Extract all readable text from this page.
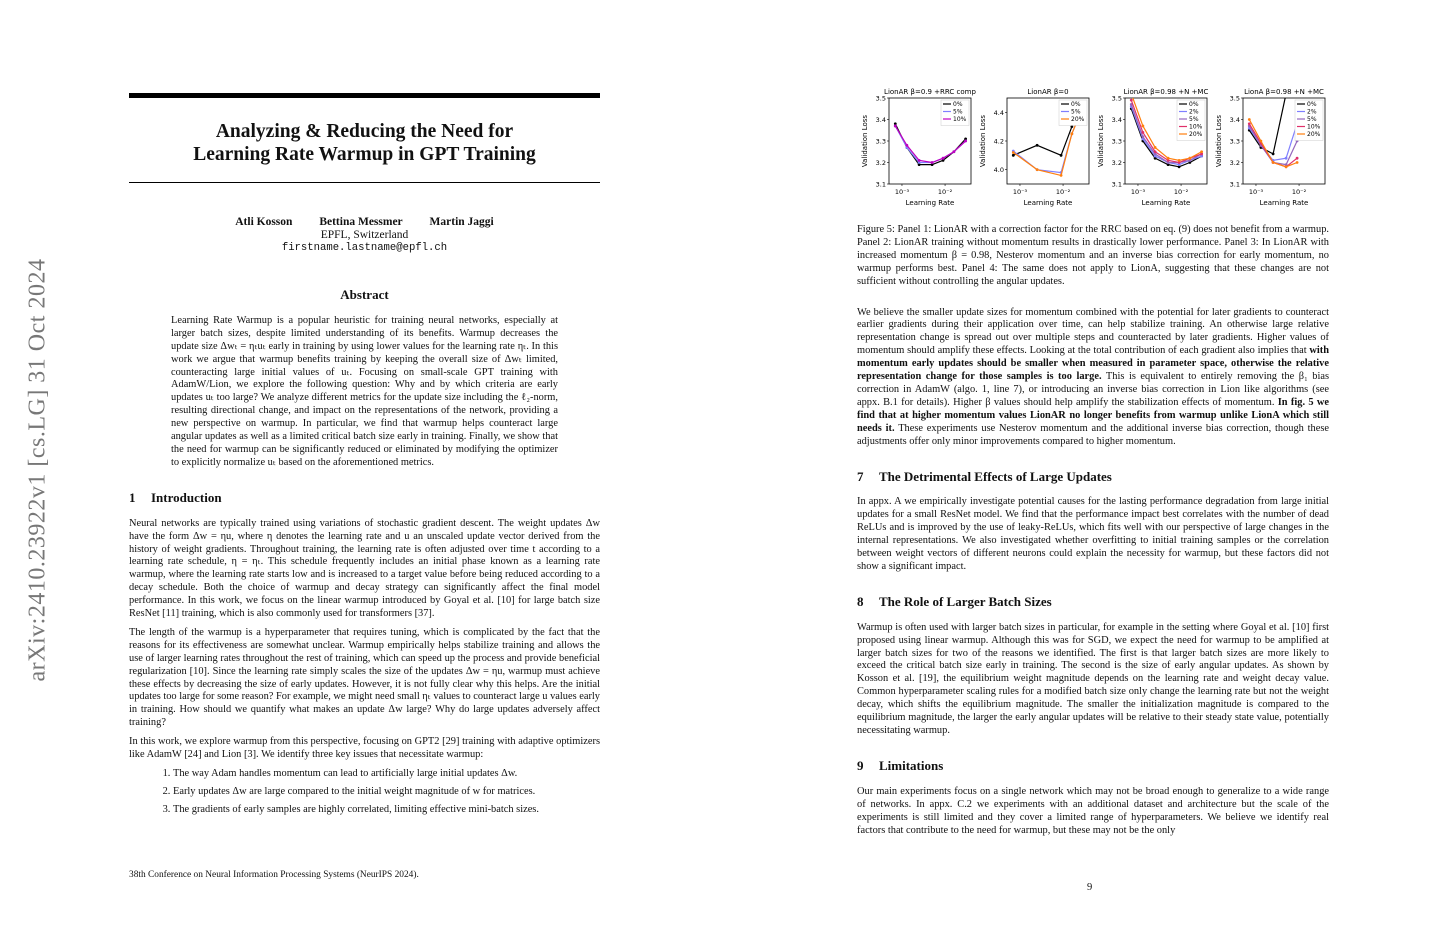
arXiv:2410.23922v1 [cs.LG] 31 Oct 2024
Analyzing & Reducing the Need for
Learning Rate Warmup in GPT Training
Atli Kosson Bettina Messmer Martin Jaggi
EPFL, Switzerland
firstname.lastname@epfl.ch
Abstract

Learning Rate Warmup is a popular heuristic for training neural networks, especially at larger batch sizes, despite limited understanding of its benefits. Warmup decreases the update size Δwₜ = ηₜuₜ early in training by using lower values for the learning rate ηₜ. In this work we argue that warmup benefits training by keeping the overall size of Δwₜ limited, counteracting large initial values of uₜ. Focusing on small-scale GPT training with AdamW/Lion, we explore the following question: Why and by which criteria are early updates uₜ too large? We analyze different metrics for the update size including the ℓ₂-norm, resulting directional change, and impact on the representations of the network, providing a new perspective on warmup. In particular, we find that warmup helps counteract large angular updates as well as a limited critical batch size early in training. Finally, we show that the need for warmup can be significantly reduced or eliminated by modifying the optimizer to explicitly normalize uₜ based on the aforementioned metrics.

1 Introduction

Neural networks are typically trained using variations of stochastic gradient descent. The weight updates Δw have the form Δw = ηu, where η denotes the learning rate and u an unscaled update vector derived from the history of weight gradients. Throughout training, the learning rate is often adjusted over time t according to a learning rate schedule, η = ηₜ. This schedule frequently includes an initial phase known as a learning rate warmup, where the learning rate starts low and is increased to a target value before being reduced according to a decay schedule. Both the choice of warmup and decay strategy can significantly affect the final model performance. In this work, we focus on the linear warmup introduced by Goyal et al. [10] for large batch size ResNet [11] training, which is also commonly used for transformers [37].

The length of the warmup is a hyperparameter that requires tuning, which is complicated by the fact that the reasons for its effectiveness are somewhat unclear. Warmup empirically helps stabilize training and allows the use of larger learning rates throughout the rest of training, which can speed up the process and provide beneficial regularization [10]. Since the learning rate simply scales the size of the updates Δw = ηu, warmup must achieve these effects by decreasing the size of early updates. However, it is not fully clear why this helps. Are the initial updates too large for some reason? For example, we might need small ηₜ values to counteract large u values early in training. How should we quantify what makes an update Δw large? Why do large updates adversely affect training?

In this work, we explore warmup from this perspective, focusing on GPT2 [29] training with adaptive optimizers like AdamW [24] and Lion [3]. We identify three key issues that necessitate warmup:

1. The way Adam handles momentum can lead to artificially large initial updates Δw.
2. Early updates Δw are large compared to the initial weight magnitude of w for matrices.
3. The gradients of early samples are highly correlated, limiting effective mini-batch sizes.
38th Conference on Neural Information Processing Systems (NeurIPS 2024).
LionAR β=0.9 +RRC comp
3.1
3.2
3.3
3.4
3.5
10⁻³	10⁻²
Learning Rate
Validation Loss
0%
5%
10%
LionAR β=0
4.0
4.2
4.4
10⁻³	10⁻²
Learning Rate
Validation Loss
0%
5%
20%
LionAR β=0.98 +N +MC
3.1
3.2
3.3
3.4
3.5
10⁻³	10⁻²
Learning Rate
Validation Loss
0%
2%
5%
10%
20%
LionA β=0.98 +N +MC
3.1
3.2
3.3
3.4
3.5
10⁻³	10⁻²
Learning Rate
Validation Loss
0%
2%
5%
10%
20%

Figure 5: Panel 1: LionAR with a correction factor for the RRC based on eq. (9) does not benefit from a warmup. Panel 2: LionAR training without momentum results in drastically lower performance. Panel 3: In LionAR with increased momentum β = 0.98, Nesterov momentum and an inverse bias correction for early momentum, no warmup performs best. Panel 4: The same does not apply to LionA, suggesting that these changes are not sufficient without controlling the angular updates.

We believe the smaller update sizes for momentum combined with the potential for later gradients to counteract earlier gradients during their application over time, can help stabilize training. An otherwise large relative representation change is spread out over multiple steps and counteracted by later gradients. Higher values of momentum should amplify these effects. Looking at the total contribution of each gradient also implies that with momentum early updates should be smaller when measured in parameter space, otherwise the relative representation change for those samples is too large. This is equivalent to entirely removing the β₁ bias correction in AdamW (algo. 1, line 7), or introducing an inverse bias correction in Lion like algorithms (see appx. B.1 for details). Higher β values should help amplify the stabilization effects of momentum. In fig. 5 we find that at higher momentum values LionAR no longer benefits from warmup unlike LionA which still needs it. These experiments use Nesterov momentum and the additional inverse bias correction, though these adjustments offer only minor improvements compared to higher momentum.

7 The Detrimental Effects of Large Updates

In appx. A we empirically investigate potential causes for the lasting performance degradation from large initial updates for a small ResNet model. We find that the performance impact best correlates with the number of dead ReLUs and is improved by the use of leaky-ReLUs, which fits well with our perspective of large changes in the internal representations. We also investigated whether overfitting to initial training samples or the correlation between weight vectors of different neurons could explain the necessity for warmup, but these factors did not show a significant impact.

8 The Role of Larger Batch Sizes

Warmup is often used with larger batch sizes in particular, for example in the setting where Goyal et al. [10] first proposed using linear warmup. Although this was for SGD, we expect the need for warmup to be amplified at larger batch sizes for two of the reasons we identified. The first is that larger batch sizes are more likely to exceed the critical batch size early in training. The second is the size of early angular updates. As shown by Kosson et al. [19], the equilibrium weight magnitude depends on the learning rate and weight decay value. Common hyperparameter scaling rules for a modified batch size only change the learning rate but not the weight decay, which shifts the equilibrium magnitude. The smaller the initialization magnitude is compared to the equilibrium magnitude, the larger the early angular updates will be relative to their steady state value, potentially necessitating warmup.

9 Limitations

Our main experiments focus on a single network which may not be broad enough to generalize to a wide range of networks. In appx. C.2 we experiments with an additional dataset and architecture but the scale of the experiments is still limited and they cover a limited range of hyperparameters. We believe we identify real factors that contribute to the need for warmup, but these may not be the only

9
